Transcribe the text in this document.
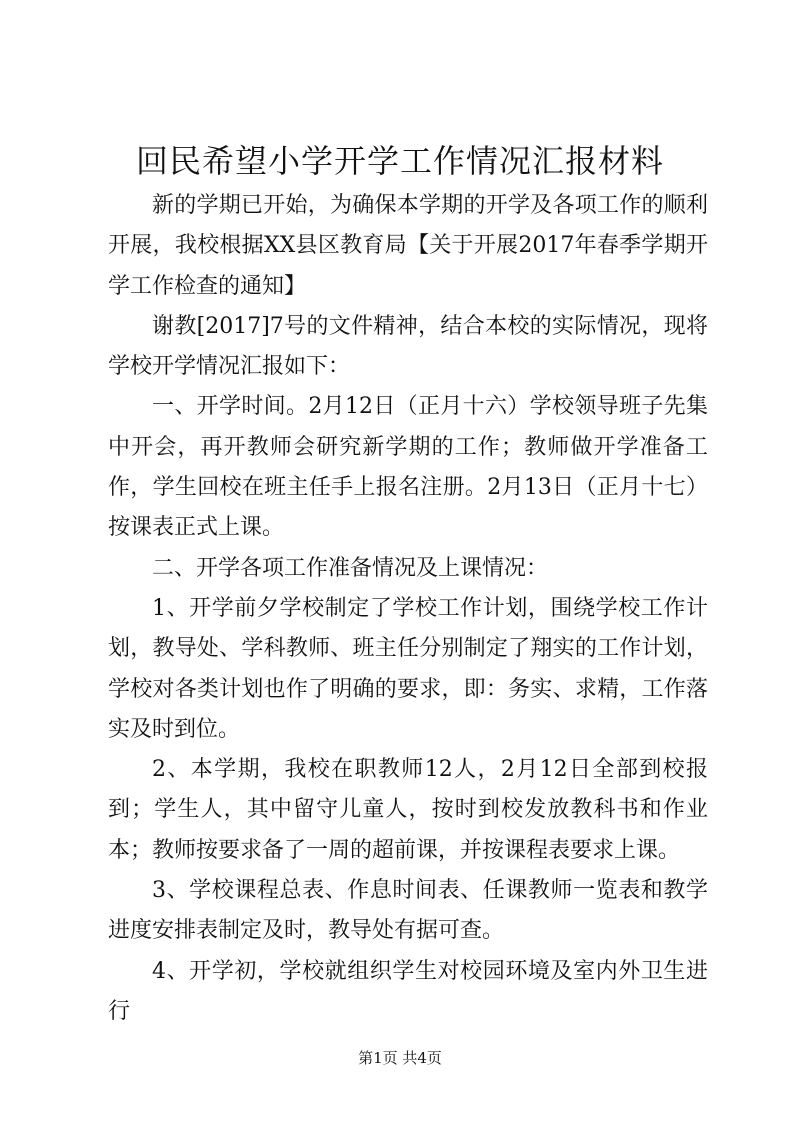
回民希望小学开学工作情况汇报材料

新的学期已开始，为确保本学期的开学及各项工作的顺利开展，我校根据XX县区教育局【关于开展2017年春季学期开学工作检查的通知】

谢教[2017]7号的文件精神，结合本校的实际情况，现将学校开学情况汇报如下：

一、开学时间。2月12日（正月十六）学校领导班子先集中开会，再开教师会研究新学期的工作；教师做开学准备工作，学生回校在班主任手上报名注册。2月13日（正月十七）按课表正式上课。

二、开学各项工作准备情况及上课情况：

1、开学前夕学校制定了学校工作计划，围绕学校工作计划，教导处、学科教师、班主任分别制定了翔实的工作计划，学校对各类计划也作了明确的要求，即：务实、求精，工作落实及时到位。

2、本学期，我校在职教师12人，2月12日全部到校报到；学生人，其中留守儿童人，按时到校发放教科书和作业本；教师按要求备了一周的超前课，并按课程表要求上课。

3、学校课程总表、作息时间表、任课教师一览表和教学进度安排表制定及时，教导处有据可查。

4、开学初，学校就组织学生对校园环境及室内外卫生进行

第1页 共4页
